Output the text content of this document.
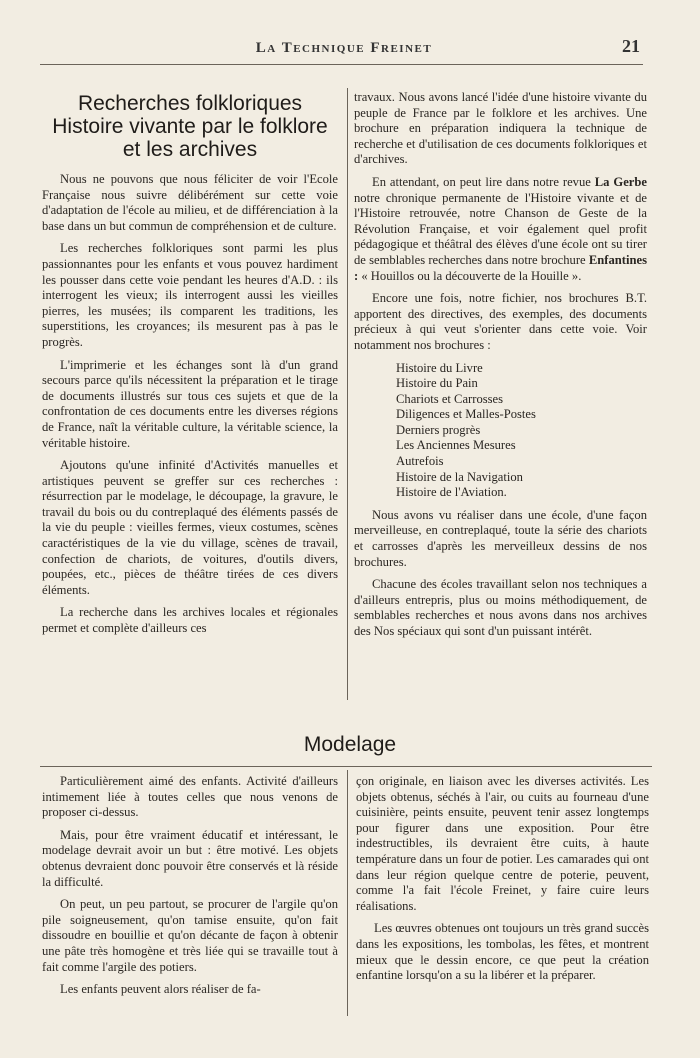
La Technique Freinet	21
Recherches folkloriques
Histoire vivante par le folklore
et les archives

Nous ne pouvons que nous féliciter de voir l'Ecole Française nous suivre délibérément sur cette voie d'adaptation de l'école au milieu, et de différenciation à la base dans un but commun de compréhension et de culture.

Les recherches folkloriques sont parmi les plus passionnantes pour les enfants et vous pouvez hardiment les pousser dans cette voie pendant les heures d'A.D. : ils interrogent les vieux; ils interrogent aussi les vieilles pierres, les musées; ils comparent les traditions, les superstitions, les croyances; ils mesurent pas à pas le progrès.

L'imprimerie et les échanges sont là d'un grand secours parce qu'ils nécessitent la préparation et le tirage de documents illustrés sur tous ces sujets et que de la confrontation de ces documents entre les diverses régions de France, naît la véritable culture, la véritable science, la véritable histoire.

Ajoutons qu'une infinité d'Activités manuelles et artistiques peuvent se greffer sur ces recherches : résurrection par le modelage, le découpage, la gravure, le travail du bois ou du contreplaqué des éléments passés de la vie du peuple : vieilles fermes, vieux costumes, scènes caractéristiques de la vie du village, scènes de travail, confection de chariots, de voitures, d'outils divers, poupées, etc., pièces de théâtre tirées de ces divers éléments.

La recherche dans les archives locales et régionales permet et complète d'ailleurs ces

travaux. Nous avons lancé l'idée d'une histoire vivante du peuple de France par le folklore et les archives. Une brochure en préparation indiquera la technique de recherche et d'utilisation de ces documents folkloriques et d'archives.

En attendant, on peut lire dans notre revue La Gerbe notre chronique permanente de l'Histoire vivante et de l'Histoire retrouvée, notre Chanson de Geste de la Révolution Française, et voir également quel profit pédagogique et théâtral des élèves d'une école ont su tirer de semblables recherches dans notre brochure Enfantines : « Houillos ou la découverte de la Houille ».

Encore une fois, notre fichier, nos brochures B.T. apportent des directives, des exemples, des documents précieux à qui veut s'orienter dans cette voie. Voir notamment nos brochures :

Histoire du Livre
Histoire du Pain
Chariots et Carrosses
Diligences et Malles-Postes
Derniers progrès
Les Anciennes Mesures
Autrefois
Histoire de la Navigation
Histoire de l'Aviation.

Nous avons vu réaliser dans une école, d'une façon merveilleuse, en contreplaqué, toute la série des chariots et carrosses d'après les merveilleux dessins de nos brochures.

Chacune des écoles travaillant selon nos techniques a d'ailleurs entrepris, plus ou moins méthodiquement, de semblables recherches et nous avons dans nos archives des Nos spéciaux qui sont d'un puissant intérêt.

Modelage

Particulièrement aimé des enfants. Activité d'ailleurs intimement liée à toutes celles que nous venons de proposer ci-dessus.

Mais, pour être vraiment éducatif et intéressant, le modelage devrait avoir un but : être motivé. Les objets obtenus devraient donc pouvoir être conservés et là réside la difficulté.

On peut, un peu partout, se procurer de l'argile qu'on pile soigneusement, qu'on tamise ensuite, qu'on fait dissoudre en bouillie et qu'on décante de façon à obtenir une pâte très homogène et très liée qui se travaille tout à fait comme l'argile des potiers.

Les enfants peuvent alors réaliser de fa-

çon originale, en liaison avec les diverses activités. Les objets obtenus, séchés à l'air, ou cuits au fourneau d'une cuisinière, peints ensuite, peuvent tenir assez longtemps pour figurer dans une exposition. Pour être indestructibles, ils devraient être cuits, à haute température dans un four de potier. Les camarades qui ont dans leur région quelque centre de poterie, peuvent, comme l'a fait l'école Freinet, y faire cuire leurs réalisations.

Les œuvres obtenues ont toujours un très grand succès dans les expositions, les tombolas, les fêtes, et montrent mieux que le dessin encore, ce que peut la création enfantine lorsqu'on a su la libérer et la préparer.
